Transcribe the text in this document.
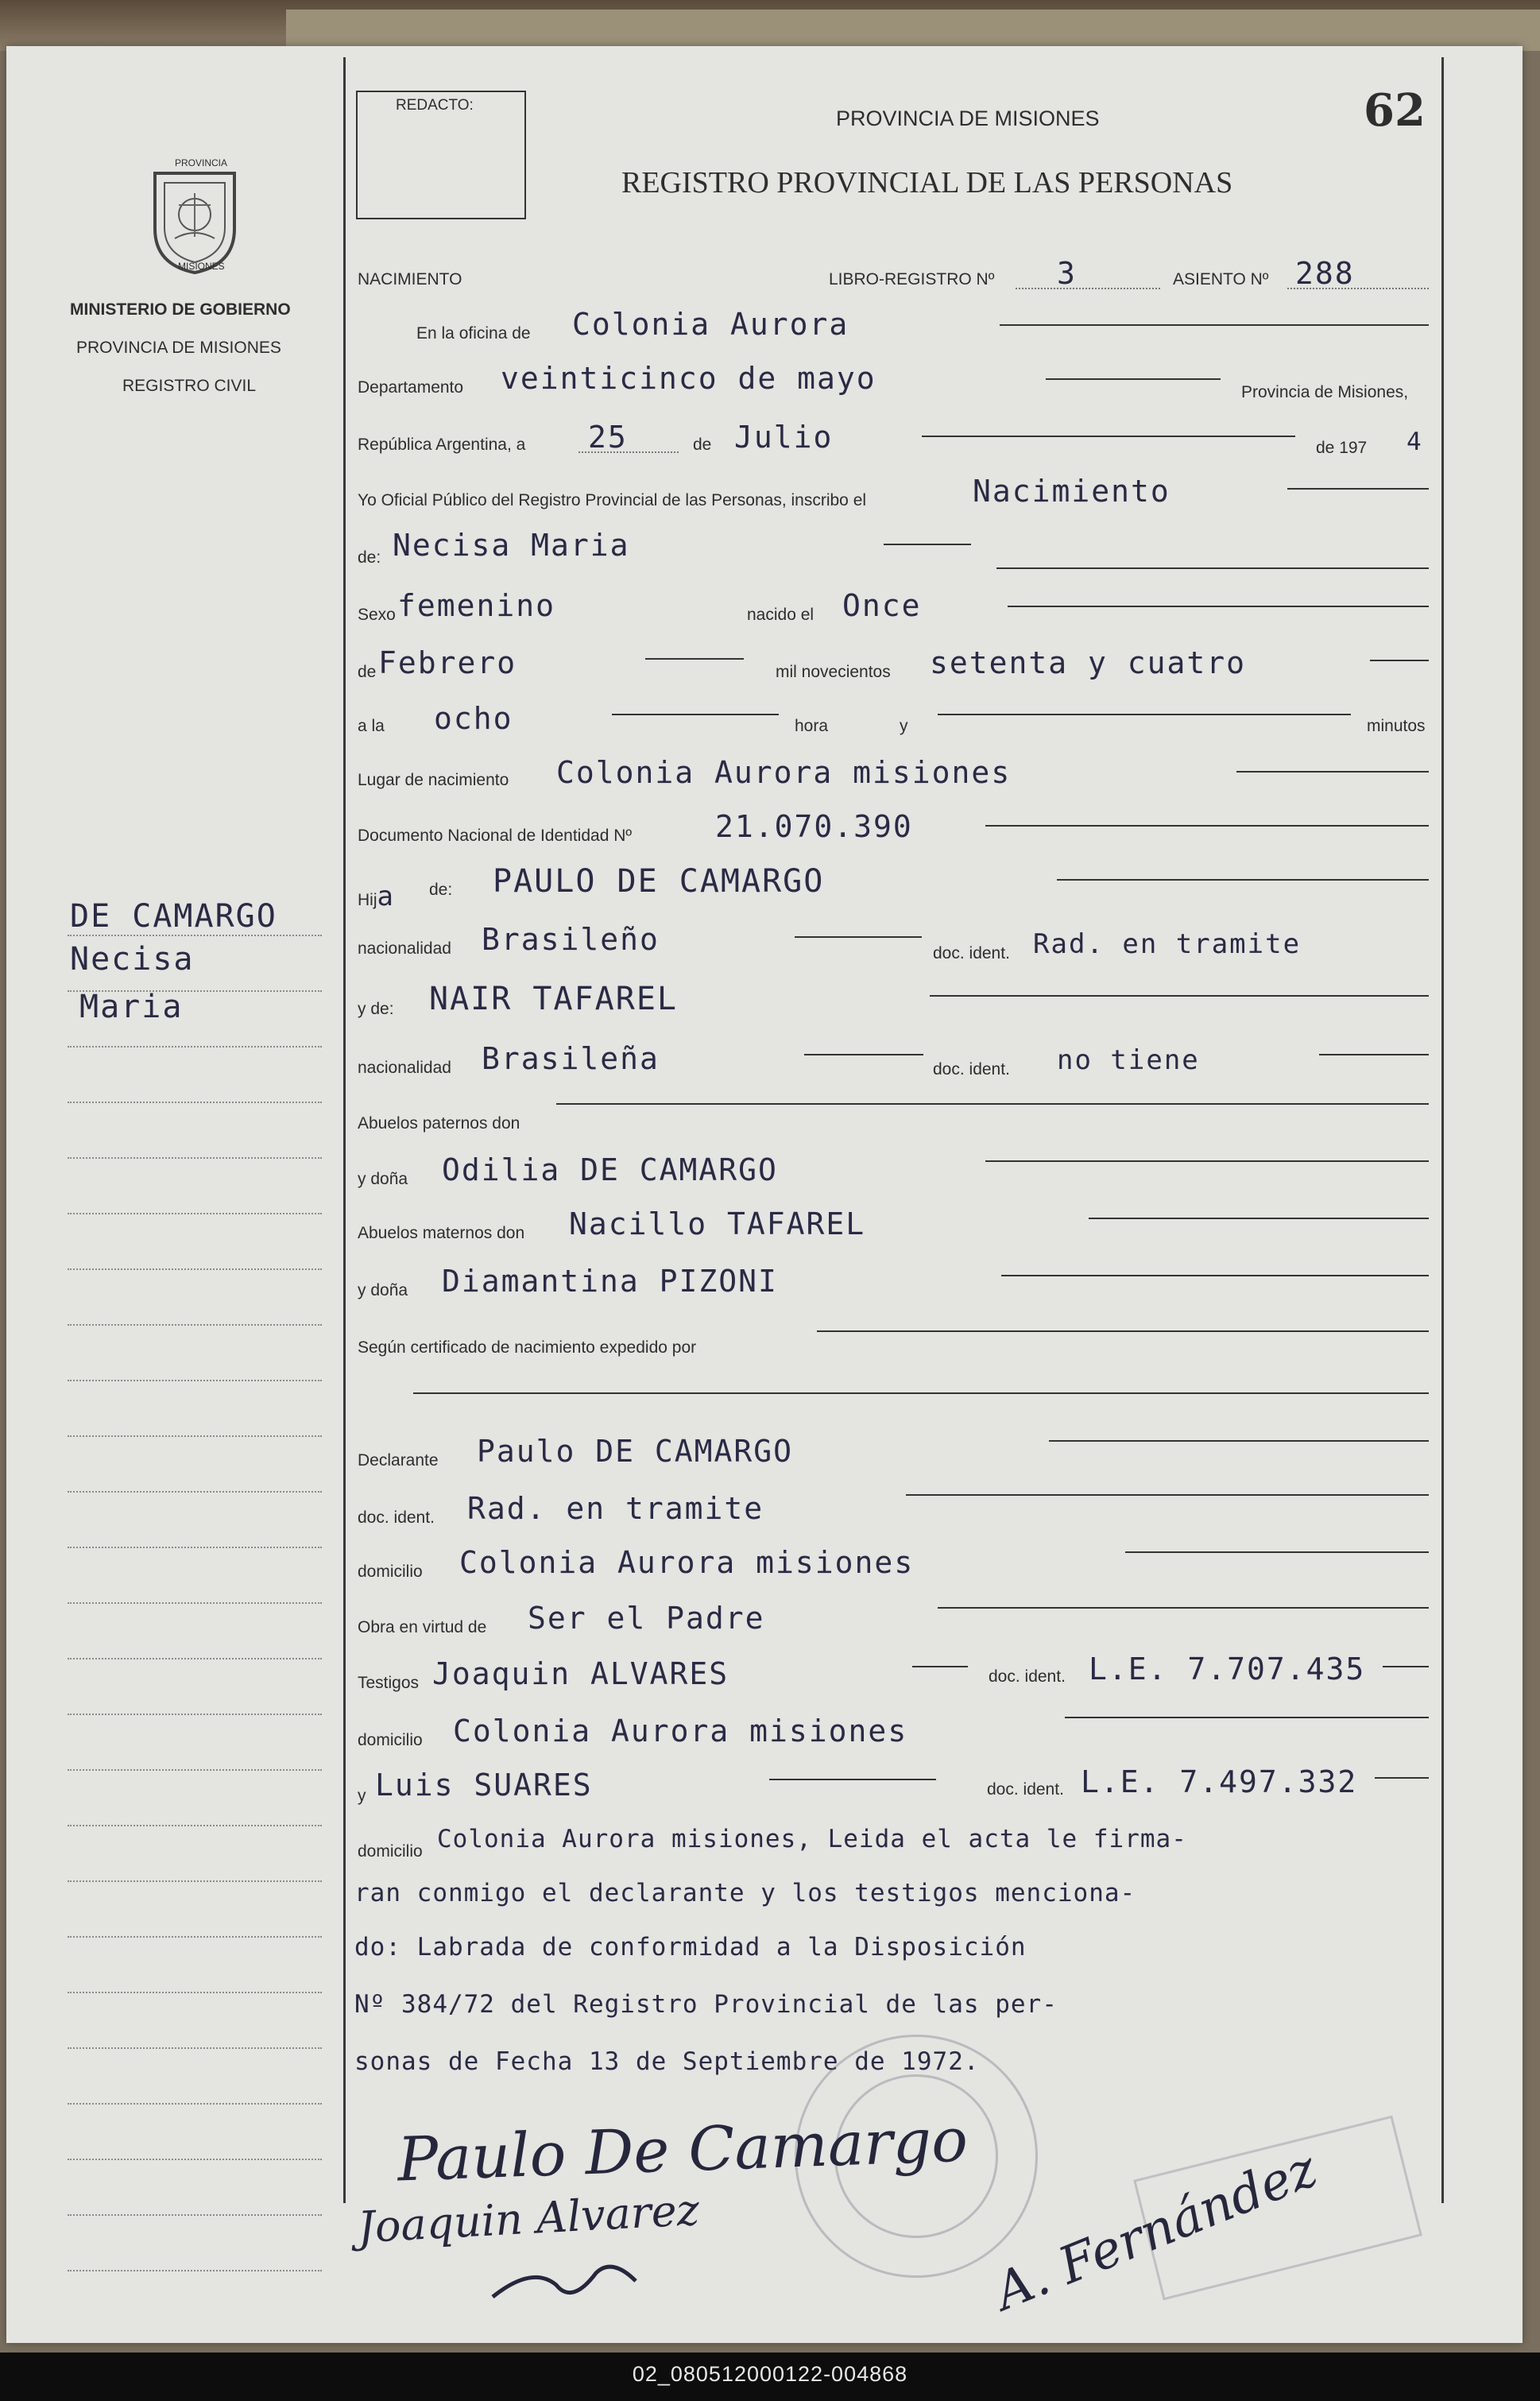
REDACTO:
PROVINCIA DE MISIONES	62
REGISTRO PROVINCIAL DE LAS PERSONAS
PROVINCIA
MISIONES
MINISTERIO DE GOBIERNO
PROVINCIA DE MISIONES
REGISTRO CIVIL
DE CAMARGO
Necisa
Maria
NACIMIENTO	LIBRO-REGISTRO Nº 3	ASIENTO Nº 288
En la oficina de Colonia Aurora
Departamento veinticinco de mayo	Provincia de Misiones,
República Argentina, a 25	de Julio	de 197 4
Yo Oficial Público del Registro Provincial de las Personas, inscribo el	Nacimiento
de: Necisa Maria
Sexo femenino	nacido el Once
de Febrero	mil novecientos setenta y cuatro
a la ocho	hora	y	minutos
Lugar de nacimiento Colonia Aurora misiones
Documento Nacional de Identidad Nº	21.070.390
Hija de: PAULO DE CAMARGO
nacionalidad Brasileño	doc. ident. Rad. en tramite
y de: NAIR TAFAREL
nacionalidad Brasileña	doc. ident. no tiene
Abuelos paternos don
y doña Odilia DE CAMARGO
Abuelos maternos don Nacillo TAFAREL
y doña Diamantina PIZONI
Según certificado de nacimiento expedido por
Declarante Paulo DE CAMARGO
doc. ident. Rad. en tramite
domicilio Colonia Aurora misiones
Obra en virtud de Ser el Padre
Testigos Joaquin ALVARES	doc. ident. L.E. 7.707.435
domicilio Colonia Aurora misiones
y Luis SUARES	doc. ident. L.E. 7.497.332
domicilio Colonia Aurora misiones, Leida el acta le firma-
ran conmigo el declarante y los testigos menciona-
do: Labrada de conformidad a la Disposición
Nº 384/72 del Registro Provincial de las per-
sonas de Fecha 13 de Septiembre de 1972.
Paulo De Camargo
Joaquin Alvarez	A. Fernández
02_080512000122-004868
